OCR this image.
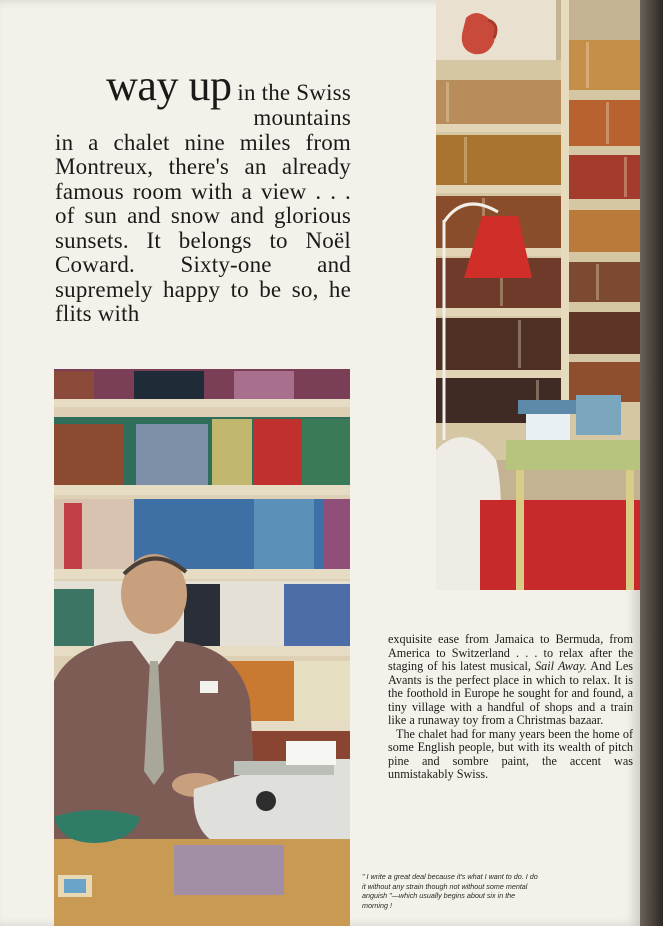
way up in the Swiss mountains
in a chalet nine miles from Montreux, there's an already famous room with a view . . . of sun and snow and glorious sunsets. It belongs to Noël Coward. Sixty-one and supremely happy to be so, he flits with

exquisite ease from Jamaica to Bermuda, from America to Switzerland . . . to relax after the staging of his latest musical, Sail Away. And Les Avants is the perfect place in which to relax. It is the foothold in Europe he sought for and found, a tiny village with a handful of shops and a train like a runaway toy from a Christmas bazaar.

The chalet had for many years been the home of some English people, but with its wealth of pitch pine and sombre paint, the accent was unmistakably Swiss.

" I write a great deal because it's what I want to do. I do it without any strain though not without some mental anguish "—which usually begins about six in the morning !
